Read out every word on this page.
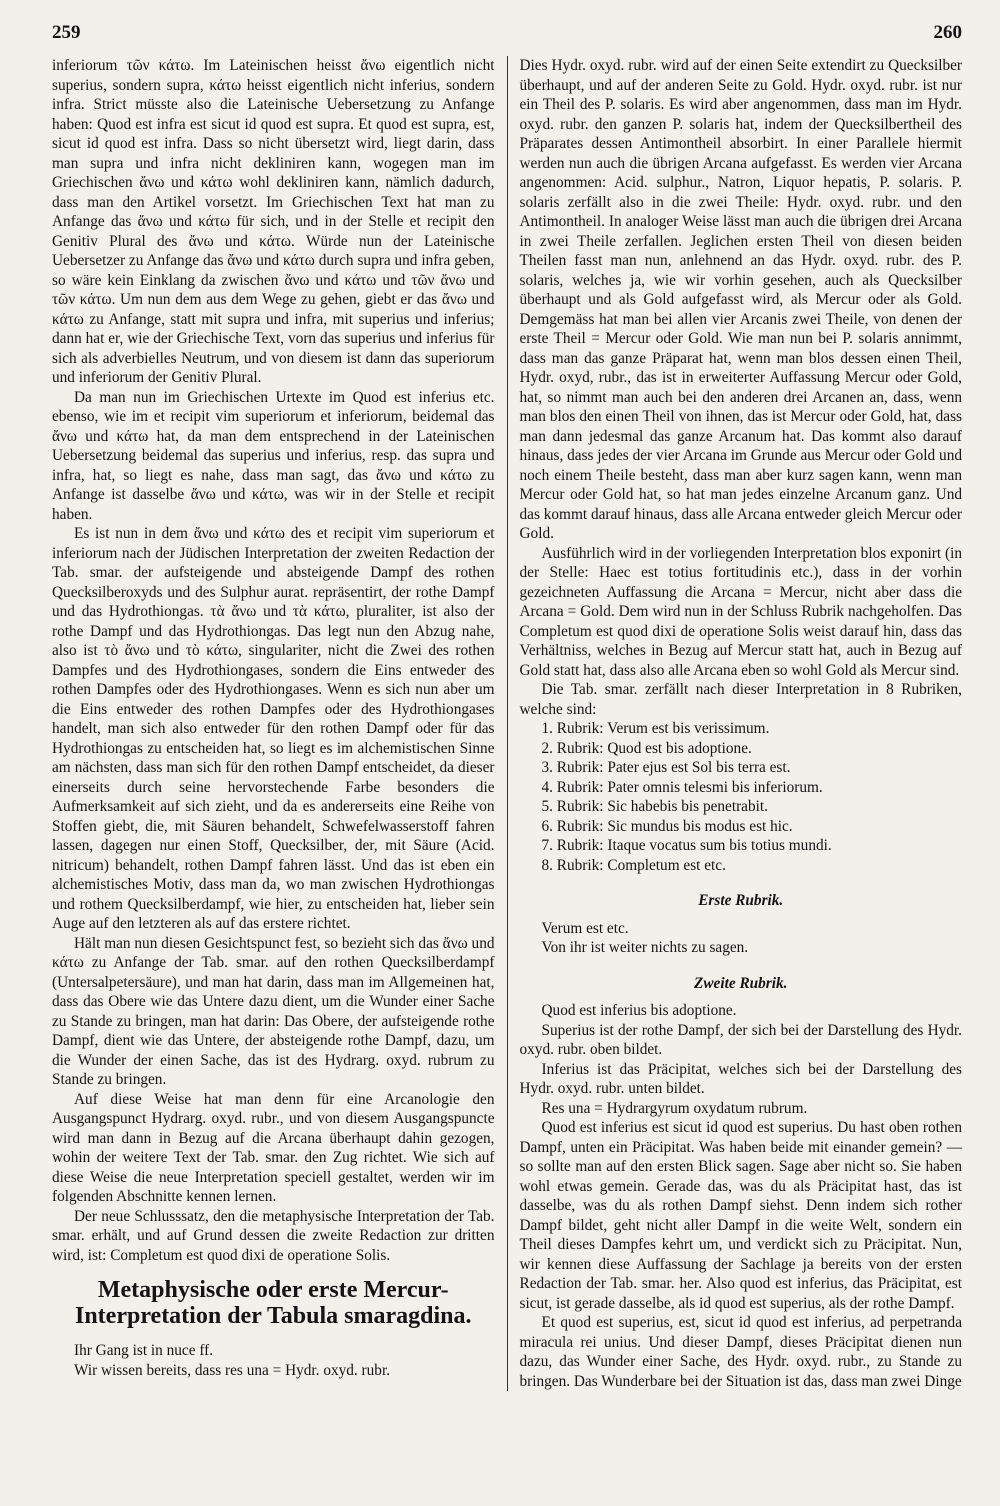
259	260

inferiorum τῶν κάτω. Im Lateinischen heisst ἄνω eigentlich nicht superius, sondern supra, κάτω heisst eigentlich nicht inferius, sondern infra. Strict müsste also die Lateinische Uebersetzung zu Anfange haben: Quod est infra est sicut id quod est supra. Et quod est supra, est, sicut id quod est infra. Dass so nicht übersetzt wird, liegt darin, dass man supra und infra nicht dekliniren kann, wogegen man im Griechischen ἄνω und κάτω wohl dekliniren kann, nämlich dadurch, dass man den Artikel vorsetzt. Im Griechischen Text hat man zu Anfange das ἄνω und κάτω für sich, und in der Stelle et recipit den Genitiv Plural des ἄνω und κάτω. Würde nun der Lateinische Uebersetzer zu Anfange das ἄνω und κάτω durch supra und infra geben, so wäre kein Einklang da zwischen ἄνω und κάτω und τῶν ἄνω und τῶν κάτω. Um nun dem aus dem Wege zu gehen, giebt er das ἄνω und κάτω zu Anfange, statt mit supra und infra, mit superius und inferius; dann hat er, wie der Griechische Text, vorn das superius und inferius für sich als adverbielles Neutrum, und von diesem ist dann das superiorum und inferiorum der Genitiv Plural.

Da man nun im Griechischen Urtexte im Quod est inferius etc. ebenso, wie im et recipit vim superiorum et inferiorum, beidemal das ἄνω und κάτω hat, da man dem entsprechend in der Lateinischen Uebersetzung beidemal das superius und inferius, resp. das supra und infra, hat, so liegt es nahe, dass man sagt, das ἄνω und κάτω zu Anfange ist dasselbe ἄνω und κάτω, was wir in der Stelle et recipit haben.

Es ist nun in dem ἄνω und κάτω des et recipit vim superiorum et inferiorum nach der Jüdischen Interpretation der zweiten Redaction der Tab. smar. der aufsteigende und absteigende Dampf des rothen Quecksilberoxyds und des Sulphur aurat. repräsentirt, der rothe Dampf und das Hydrothiongas. τὰ ἄνω und τὰ κάτω, pluraliter, ist also der rothe Dampf und das Hydrothiongas. Das legt nun den Abzug nahe, also ist τὸ ἄνω und τὸ κάτω, singulariter, nicht die Zwei des rothen Dampfes und des Hydrothiongases, sondern die Eins entweder des rothen Dampfes oder des Hydrothiongases. Wenn es sich nun aber um die Eins entweder des rothen Dampfes oder des Hydrothiongases handelt, man sich also entweder für den rothen Dampf oder für das Hydrothiongas zu entscheiden hat, so liegt es im alchemistischen Sinne am nächsten, dass man sich für den rothen Dampf entscheidet, da dieser einerseits durch seine hervorstechende Farbe besonders die Aufmerksamkeit auf sich zieht, und da es andererseits eine Reihe von Stoffen giebt, die, mit Säuren behandelt, Schwefelwasserstoff fahren lassen, dagegen nur einen Stoff, Quecksilber, der, mit Säure (Acid. nitricum) behandelt, rothen Dampf fahren lässt. Und das ist eben ein alchemistisches Motiv, dass man da, wo man zwischen Hydrothiongas und rothem Quecksilberdampf, wie hier, zu entscheiden hat, lieber sein Auge auf den letzteren als auf das erstere richtet.

Hält man nun diesen Gesichtspunct fest, so bezieht sich das ἄνω und κάτω zu Anfange der Tab. smar. auf den rothen Quecksilberdampf (Untersalpetersäure), und man hat darin, dass man im Allgemeinen hat, dass das Obere wie das Untere dazu dient, um die Wunder einer Sache zu Stande zu bringen, man hat darin: Das Obere, der aufsteigende rothe Dampf, dient wie das Untere, der absteigende rothe Dampf, dazu, um die Wunder der einen Sache, das ist des Hydrarg. oxyd. rubrum zu Stande zu bringen.

Auf diese Weise hat man denn für eine Arcanologie den Ausgangspunct Hydrarg. oxyd. rubr., und von diesem Ausgangspuncte wird man dann in Bezug auf die Arcana überhaupt dahin gezogen, wohin der weitere Text der Tab. smar. den Zug richtet. Wie sich auf diese Weise die neue Interpretation speciell gestaltet, werden wir im folgenden Abschnitte kennen lernen.

Der neue Schlusssatz, den die metaphysische Interpretation der Tab. smar. erhält, und auf Grund dessen die zweite Redaction zur dritten wird, ist: Completum est quod dixi de operatione Solis.

Metaphysische oder erste Mercur-Interpretation der Tabula smaragdina.

Ihr Gang ist in nuce ff.

Wir wissen bereits, dass res una = Hydr. oxyd. rubr.

Dies Hydr. oxyd. rubr. wird auf der einen Seite extendirt zu Quecksilber überhaupt, und auf der anderen Seite zu Gold. Hydr. oxyd. rubr. ist nur ein Theil des P. solaris. Es wird aber angenommen, dass man im Hydr. oxyd. rubr. den ganzen P. solaris hat, indem der Quecksilbertheil des Präparates dessen Antimontheil absorbirt. In einer Parallele hiermit werden nun auch die übrigen Arcana aufgefasst. Es werden vier Arcana angenommen: Acid. sulphur., Natron, Liquor hepatis, P. solaris. P. solaris zerfällt also in die zwei Theile: Hydr. oxyd. rubr. und den Antimontheil. In analoger Weise lässt man auch die übrigen drei Arcana in zwei Theile zerfallen. Jeglichen ersten Theil von diesen beiden Theilen fasst man nun, anlehnend an das Hydr. oxyd. rubr. des P. solaris, welches ja, wie wir vorhin gesehen, auch als Quecksilber überhaupt und als Gold aufgefasst wird, als Mercur oder als Gold. Demgemäss hat man bei allen vier Arcanis zwei Theile, von denen der erste Theil = Mercur oder Gold. Wie man nun bei P. solaris annimmt, dass man das ganze Präparat hat, wenn man blos dessen einen Theil, Hydr. oxyd, rubr., das ist in erweiterter Auffassung Mercur oder Gold, hat, so nimmt man auch bei den anderen drei Arcanen an, dass, wenn man blos den einen Theil von ihnen, das ist Mercur oder Gold, hat, dass man dann jedesmal das ganze Arcanum hat. Das kommt also darauf hinaus, dass jedes der vier Arcana im Grunde aus Mercur oder Gold und noch einem Theile besteht, dass man aber kurz sagen kann, wenn man Mercur oder Gold hat, so hat man jedes einzelne Arcanum ganz. Und das kommt darauf hinaus, dass alle Arcana entweder gleich Mercur oder Gold.

Ausführlich wird in der vorliegenden Interpretation blos exponirt (in der Stelle: Haec est totius fortitudinis etc.), dass in der vorhin gezeichneten Auffassung die Arcana = Mercur, nicht aber dass die Arcana = Gold. Dem wird nun in der Schluss Rubrik nachgeholfen. Das Completum est quod dixi de operatione Solis weist darauf hin, dass das Verhältniss, welches in Bezug auf Mercur statt hat, auch in Bezug auf Gold statt hat, dass also alle Arcana eben so wohl Gold als Mercur sind.

Die Tab. smar. zerfällt nach dieser Interpretation in 8 Rubriken, welche sind:

1. Rubrik: Verum est bis verissimum.
2. Rubrik: Quod est bis adoptione.
3. Rubrik: Pater ejus est Sol bis terra est.
4. Rubrik: Pater omnis telesmi bis inferiorum.
5. Rubrik: Sic habebis bis penetrabit.
6. Rubrik: Sic mundus bis modus est hic.
7. Rubrik: Itaque vocatus sum bis totius mundi.
8. Rubrik: Completum est etc.
Erste Rubrik.

Verum est etc.

Von ihr ist weiter nichts zu sagen.

Zweite Rubrik.

Quod est inferius bis adoptione.

Superius ist der rothe Dampf, der sich bei der Darstellung des Hydr. oxyd. rubr. oben bildet.

Inferius ist das Präcipitat, welches sich bei der Darstellung des Hydr. oxyd. rubr. unten bildet.

Res una = Hydrargyrum oxydatum rubrum.

Quod est inferius est sicut id quod est superius. Du hast oben rothen Dampf, unten ein Präcipitat. Was haben beide mit einander gemein? — so sollte man auf den ersten Blick sagen. Sage aber nicht so. Sie haben wohl etwas gemein. Gerade das, was du als Präcipitat hast, das ist dasselbe, was du als rothen Dampf siehst. Denn indem sich rother Dampf bildet, geht nicht aller Dampf in die weite Welt, sondern ein Theil dieses Dampfes kehrt um, und verdickt sich zu Präcipitat. Nun, wir kennen diese Auffassung der Sachlage ja bereits von der ersten Redaction der Tab. smar. her. Also quod est inferius, das Präcipitat, est sicut, ist gerade dasselbe, als id quod est superius, als der rothe Dampf.

Et quod est superius, est, sicut id quod est inferius, ad perpetranda miracula rei unius. Und dieser Dampf, dieses Präcipitat dienen nun dazu, das Wunder einer Sache, des Hydr. oxyd. rubr., zu Stande zu bringen. Das Wunderbare bei der Situation ist das, dass man zwei Dinge
